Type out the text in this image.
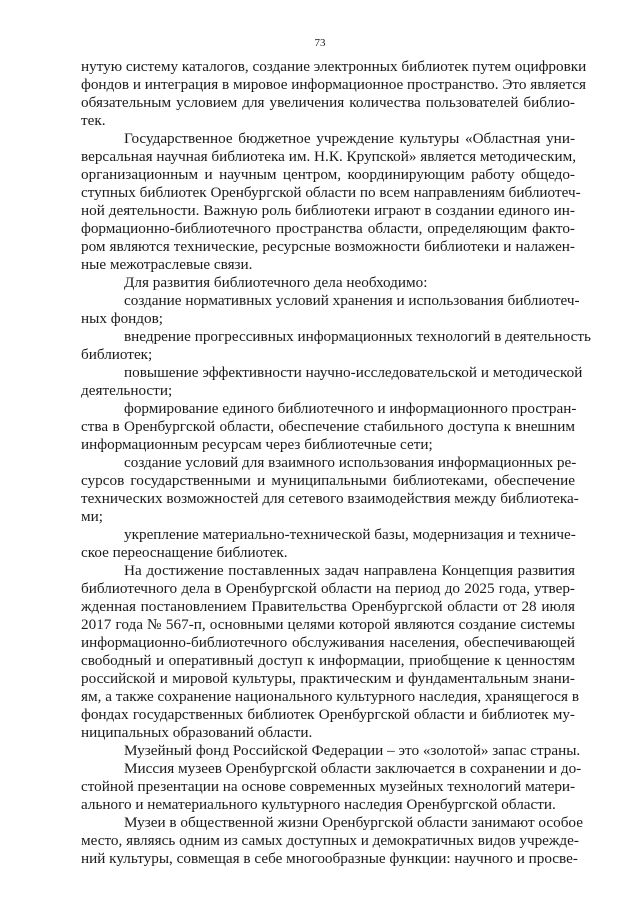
73
нутую систему каталогов, создание электронных библиотек путем оцифровки
фондов и интеграция в мировое информационное пространство. Это является
обязательным условием для увеличения количества пользователей библио-
тек.
Государственное бюджетное учреждение культуры «Областная уни-
версальная научная библиотека им. Н.К. Крупской» является методическим,
организационным и научным центром, координирующим работу общедо-
ступных библиотек Оренбургской области по всем направлениям библиотеч-
ной деятельности. Важную роль библиотеки играют в создании единого ин-
формационно-библиотечного пространства области, определяющим факто-
ром являются технические, ресурсные возможности библиотеки и налажен-
ные межотраслевые связи.
Для развития библиотечного дела необходимо:
создание нормативных условий хранения и использования библиотеч-
ных фондов;
внедрение прогрессивных информационных технологий в деятельность
библиотек;
повышение эффективности научно-исследовательской и методической
деятельности;
формирование единого библиотечного и информационного простран-
ства в Оренбургской области, обеспечение стабильного доступа к внешним
информационным ресурсам через библиотечные сети;
создание условий для взаимного использования информационных ре-
сурсов государственными и муниципальными библиотеками, обеспечение
технических возможностей для сетевого взаимодействия между библиотека-
ми;
укрепление материально-технической базы, модернизация и техниче-
ское переоснащение библиотек.
На достижение поставленных задач направлена Концепция развития
библиотечного дела в Оренбургской области на период до 2025 года, утвер-
жденная постановлением Правительства Оренбургской области от 28 июля
2017 года № 567-п, основными целями которой являются создание системы
информационно-библиотечного обслуживания населения, обеспечивающей
свободный и оперативный доступ к информации, приобщение к ценностям
российской и мировой культуры, практическим и фундаментальным знани-
ям, а также сохранение национального культурного наследия, хранящегося в
фондах государственных библиотек Оренбургской области и библиотек му-
ниципальных образований области.
Музейный фонд Российской Федерации – это «золотой» запас страны.
Миссия музеев Оренбургской области заключается в сохранении и до-
стойной презентации на основе современных музейных технологий матери-
ального и нематериального культурного наследия Оренбургской области.
Музеи в общественной жизни Оренбургской области занимают особое
место, являясь одним из самых доступных и демократичных видов учрежде-
ний культуры, совмещая в себе многообразные функции: научного и просве-
